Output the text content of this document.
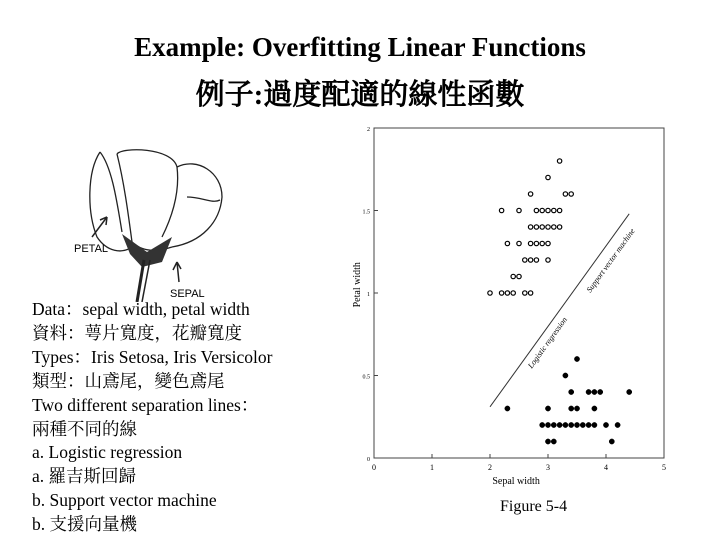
Example: Overfitting Linear Functions
例子:過度配適的線性函數
PETAL
SEPAL
Data：sepal width, petal width
資料：萼片寬度，花瓣寬度
Types：Iris Setosa, Iris Versicolor
類型：山鳶尾，變色鳶尾
Two different separation lines：
兩種不同的線
a. Logistic regression
a. 羅吉斯回歸
b. Support vector machine
b. 支援向量機
0	1	2	3	4	5
0
0.5
1
1.5
2
Sepal width
Petal width
Logistic regression
Support vector machine
Figure 5-4
